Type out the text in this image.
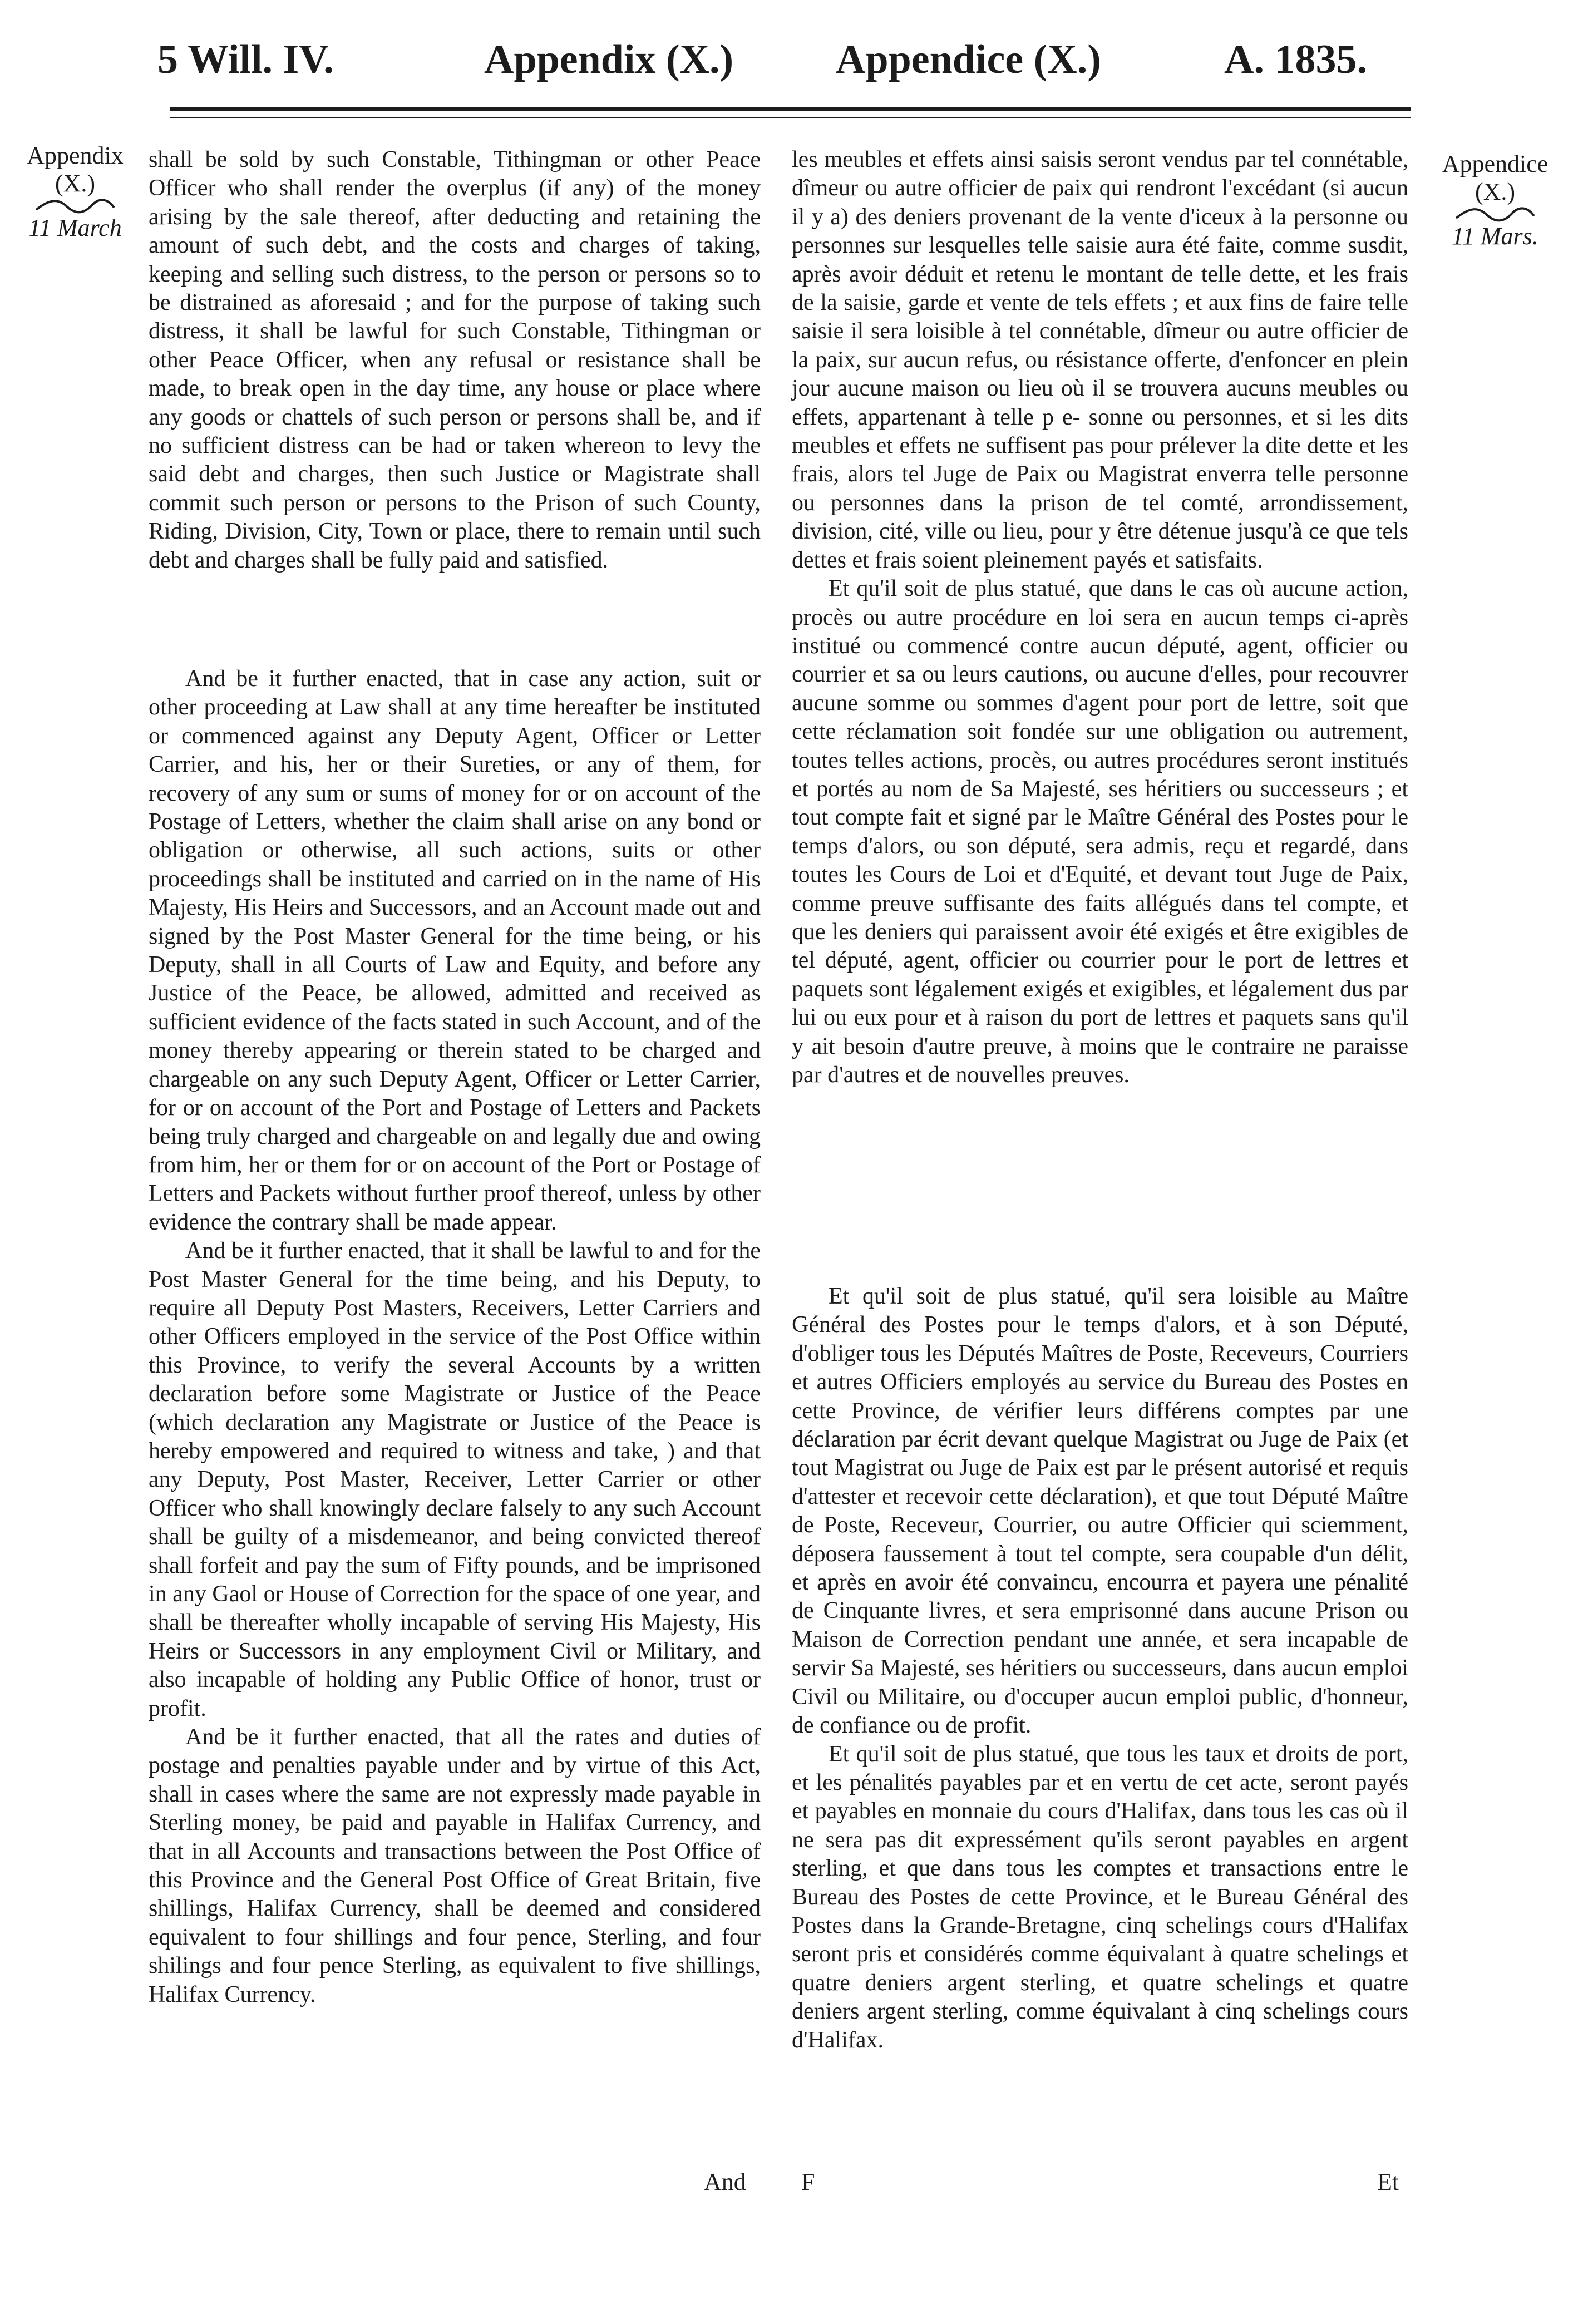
5 Will. IV.	Appendix (X.) Appendice (X.)	A. 1835.
Appendix
(X.)
11 March
Appendice
(X.)
11 Mars.

shall be sold by such Constable, Tithingman or other Peace Officer who shall render the overplus (if any) of the money arising by the sale thereof, after deducting and retaining the amount of such debt, and the costs and charges of taking, keeping and selling such distress, to the person or persons so to be distrained as aforesaid ; and for the purpose of taking such distress, it shall be lawful for such Constable, Tithingman or other Peace Officer, when any refusal or resistance shall be made, to break open in the day time, any house or place where any goods or chattels of such person or persons shall be, and if no sufficient distress can be had or taken whereon to levy the said debt and charges, then such Justice or Magistrate shall commit such person or persons to the Prison of such County, Riding, Division, City, Town or place, there to remain until such debt and charges shall be fully paid and satisfied.

And be it further enacted, that in case any action, suit or other proceeding at Law shall at any time hereafter be instituted or commenced against any Deputy Agent, Officer or Letter Carrier, and his, her or their Sureties, or any of them, for recovery of any sum or sums of money for or on account of the Postage of Letters, whether the claim shall arise on any bond or obligation or otherwise, all such actions, suits or other proceedings shall be instituted and carried on in the name of His Majesty, His Heirs and Successors, and an Account made out and signed by the Post Master General for the time being, or his Deputy, shall in all Courts of Law and Equity, and before any Justice of the Peace, be allowed, admitted and received as sufficient evidence of the facts stated in such Account, and of the money thereby appearing or therein stated to be charged and chargeable on any such Deputy Agent, Officer or Letter Carrier, for or on account of the Port and Postage of Letters and Packets being truly charged and chargeable on and legally due and owing from him, her or them for or on account of the Port or Postage of Letters and Packets without further proof thereof, unless by other evidence the contrary shall be made appear.

And be it further enacted, that it shall be lawful to and for the Post Master General for the time being, and his Deputy, to require all Deputy Post Masters, Receivers, Letter Carriers and other Officers employed in the service of the Post Office within this Province, to verify the several Accounts by a written declaration before some Magistrate or Justice of the Peace (which declaration any Magistrate or Justice of the Peace is hereby empowered and required to witness and take, ) and that any Deputy, Post Master, Receiver, Letter Carrier or other Officer who shall knowingly declare falsely to any such Account shall be guilty of a misdemeanor, and being convicted thereof shall forfeit and pay the sum of Fifty pounds, and be imprisoned in any Gaol or House of Correction for the space of one year, and shall be thereafter wholly incapable of serving His Majesty, His Heirs or Successors in any employment Civil or Military, and also incapable of holding any Public Office of honor, trust or profit.

And be it further enacted, that all the rates and duties of postage and penalties payable under and by virtue of this Act, shall in cases where the same are not expressly made payable in Sterling money, be paid and payable in Halifax Currency, and that in all Accounts and transactions between the Post Office of this Province and the General Post Office of Great Britain, five shillings, Halifax Currency, shall be deemed and considered equivalent to four shillings and four pence, Sterling, and four shilings and four pence Sterling, as equivalent to five shillings, Halifax Currency.

les meubles et effets ainsi saisis seront vendus par tel connétable, dîmeur ou autre officier de paix qui rendront l'excédant (si aucun il y a) des deniers provenant de la vente d'iceux à la personne ou personnes sur lesquelles telle saisie aura été faite, comme susdit, après avoir déduit et retenu le montant de telle dette, et les frais de la saisie, garde et vente de tels effets ; et aux fins de faire telle saisie il sera loisible à tel connétable, dîmeur ou autre officier de la paix, sur aucun refus, ou résistance offerte, d'enfoncer en plein jour aucune maison ou lieu où il se trouvera aucuns meubles ou effets, appartenant à telle p e- sonne ou personnes, et si les dits meubles et effets ne suffisent pas pour prélever la dite dette et les frais, alors tel Juge de Paix ou Magistrat enverra telle personne ou personnes dans la prison de tel comté, arrondissement, division, cité, ville ou lieu, pour y être détenue jusqu'à ce que tels dettes et frais soient pleinement payés et satisfaits.

Et qu'il soit de plus statué, que dans le cas où aucune action, procès ou autre procédure en loi sera en aucun temps ci-après institué ou commencé contre aucun député, agent, officier ou courrier et sa ou leurs cautions, ou aucune d'elles, pour recouvrer aucune somme ou sommes d'agent pour port de lettre, soit que cette réclamation soit fondée sur une obligation ou autrement, toutes telles actions, procès, ou autres procédures seront institués et portés au nom de Sa Majesté, ses héritiers ou successeurs ; et tout compte fait et signé par le Maître Général des Postes pour le temps d'alors, ou son député, sera admis, reçu et regardé, dans toutes les Cours de Loi et d'Equité, et devant tout Juge de Paix, comme preuve suffisante des faits allégués dans tel compte, et que les deniers qui paraissent avoir été exigés et être exigibles de tel député, agent, officier ou courrier pour le port de lettres et paquets sont légalement exigés et exigibles, et légalement dus par lui ou eux pour et à raison du port de lettres et paquets sans qu'il y ait besoin d'autre preuve, à moins que le contraire ne paraisse par d'autres et de nouvelles preuves.

Et qu'il soit de plus statué, qu'il sera loisible au Maître Général des Postes pour le temps d'alors, et à son Député, d'obliger tous les Députés Maîtres de Poste, Receveurs, Courriers et autres Officiers employés au service du Bureau des Postes en cette Province, de vérifier leurs différens comptes par une déclaration par écrit devant quelque Magistrat ou Juge de Paix (et tout Magistrat ou Juge de Paix est par le présent autorisé et requis d'attester et recevoir cette déclaration), et que tout Député Maître de Poste, Receveur, Courrier, ou autre Officier qui sciemment, déposera faussement à tout tel compte, sera coupable d'un délit, et après en avoir été convaincu, encourra et payera une pénalité de Cinquante livres, et sera emprisonné dans aucune Prison ou Maison de Correction pendant une année, et sera incapable de servir Sa Majesté, ses héritiers ou successeurs, dans aucun emploi Civil ou Militaire, ou d'occuper aucun emploi public, d'honneur, de confiance ou de profit.

Et qu'il soit de plus statué, que tous les taux et droits de port, et les pénalités payables par et en vertu de cet acte, seront payés et payables en monnaie du cours d'Halifax, dans tous les cas où il ne sera pas dit expressément qu'ils seront payables en argent sterling, et que dans tous les comptes et transactions entre le Bureau des Postes de cette Province, et le Bureau Général des Postes dans la Grande-Bretagne, cinq schelings cours d'Halifax seront pris et considérés comme équivalant à quatre schelings et quatre deniers argent sterling, et quatre schelings et quatre deniers argent sterling, comme équivalant à cinq schelings cours d'Halifax.

And F	Et
